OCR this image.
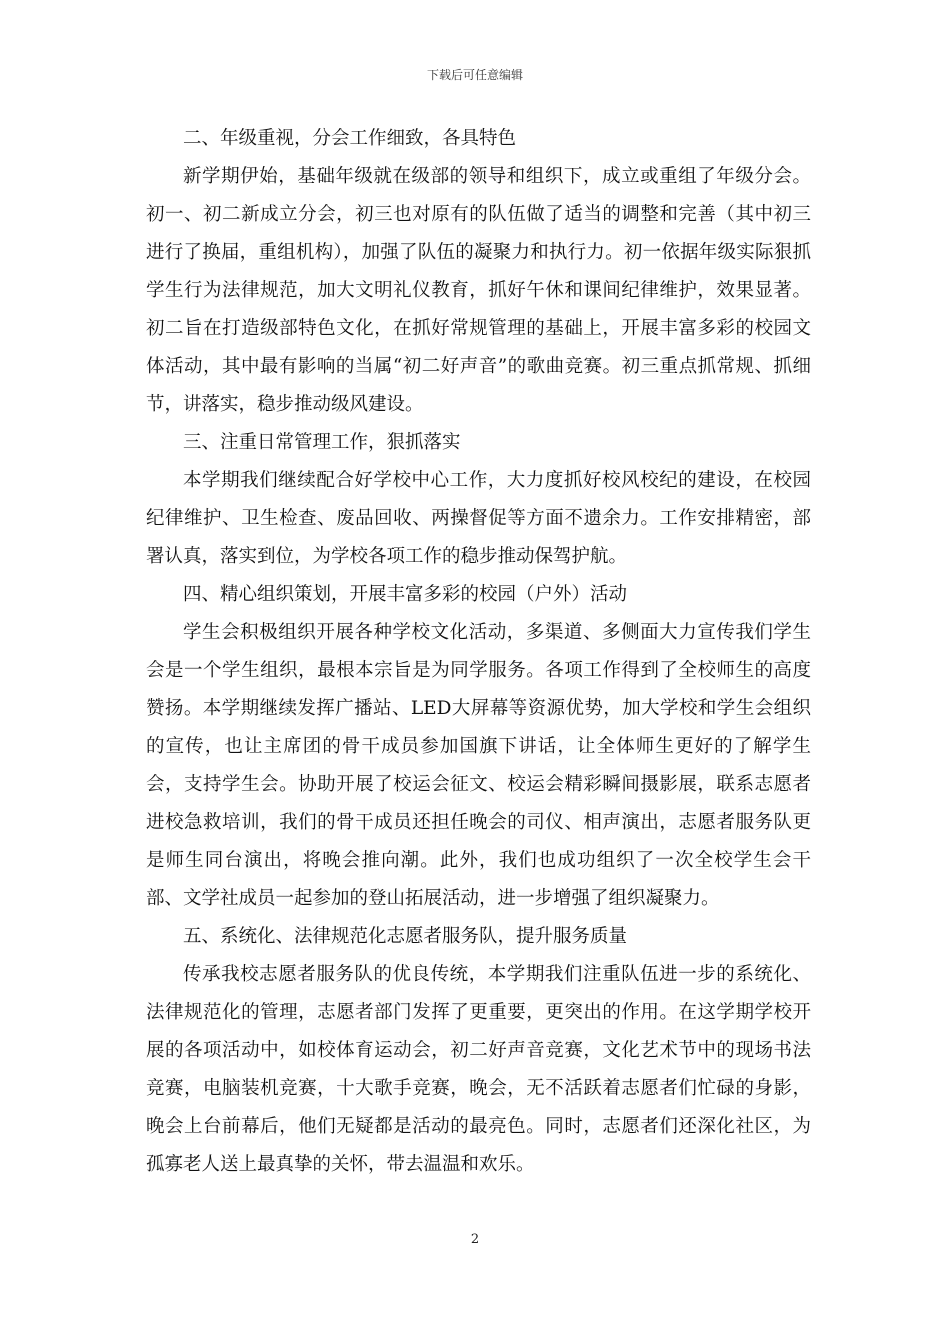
下载后可任意编辑

二、年级重视，分会工作细致，各具特色

新学期伊始，基础年级就在级部的领导和组织下，成立或重组了年级分会。初一、初二新成立分会，初三也对原有的队伍做了适当的调整和完善（其中初三进行了换届，重组机构），加强了队伍的凝聚力和执行力。初一依据年级实际狠抓学生行为法律规范，加大文明礼仪教育，抓好午休和课间纪律维护，效果显著。初二旨在打造级部特色文化，在抓好常规管理的基础上，开展丰富多彩的校园文体活动，其中最有影响的当属“初二好声音”的歌曲竞赛。初三重点抓常规、抓细节，讲落实，稳步推动级风建设。

三、注重日常管理工作，狠抓落实

本学期我们继续配合好学校中心工作，大力度抓好校风校纪的建设，在校园纪律维护、卫生检查、废品回收、两操督促等方面不遗余力。工作安排精密，部署认真，落实到位，为学校各项工作的稳步推动保驾护航。

四、精心组织策划，开展丰富多彩的校园（户外）活动

学生会积极组织开展各种学校文化活动，多渠道、多侧面大力宣传我们学生会是一个学生组织，最根本宗旨是为同学服务。各项工作得到了全校师生的高度赞扬。本学期继续发挥广播站、LED大屏幕等资源优势，加大学校和学生会组织的宣传，也让主席团的骨干成员参加国旗下讲话，让全体师生更好的了解学生会，支持学生会。协助开展了校运会征文、校运会精彩瞬间摄影展，联系志愿者进校急救培训，我们的骨干成员还担任晚会的司仪、相声演出，志愿者服务队更是师生同台演出，将晚会推向潮。此外，我们也成功组织了一次全校学生会干部、文学社成员一起参加的登山拓展活动，进一步增强了组织凝聚力。

五、系统化、法律规范化志愿者服务队，提升服务质量

传承我校志愿者服务队的优良传统，本学期我们注重队伍进一步的系统化、法律规范化的管理，志愿者部门发挥了更重要，更突出的作用。在这学期学校开展的各项活动中，如校体育运动会，初二好声音竞赛，文化艺术节中的现场书法竞赛，电脑装机竞赛，十大歌手竞赛，晚会，无不活跃着志愿者们忙碌的身影，晚会上台前幕后，他们无疑都是活动的最亮色。同时，志愿者们还深化社区，为孤寡老人送上最真挚的关怀，带去温温和欢乐。

2
